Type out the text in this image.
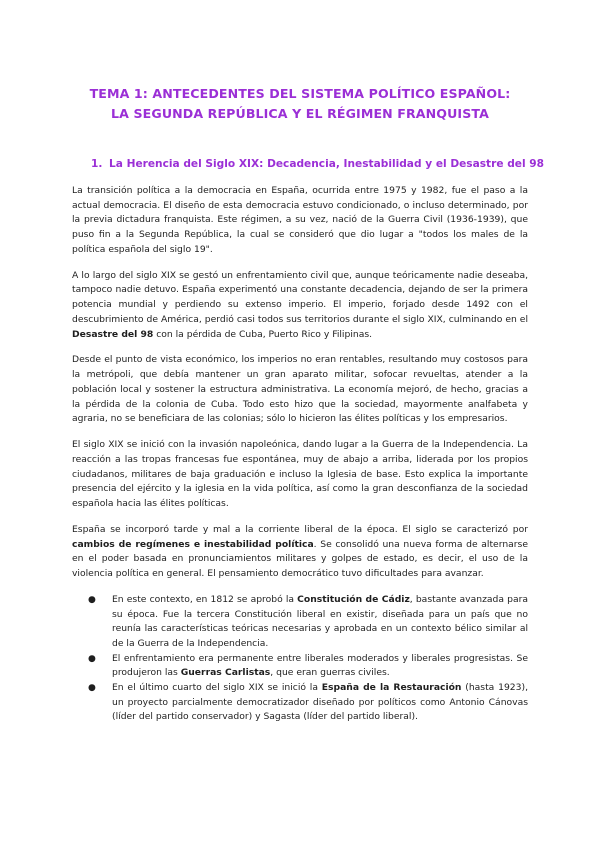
TEMA 1: ANTECEDENTES DEL SISTEMA POLÍTICO ESPAÑOL:
LA SEGUNDA REPÚBLICA Y EL RÉGIMEN FRANQUISTA
1. La Herencia del Siglo XIX: Decadencia, Inestabilidad y el Desastre del 98

La transición política a la democracia en España, ocurrida entre 1975 y 1982, fue el paso a la actual democracia. El diseño de esta democracia estuvo condicionado, o incluso determinado, por la previa dictadura franquista. Este régimen, a su vez, nació de la Guerra Civil (1936-1939), que puso fin a la Segunda República, la cual se consideró que dio lugar a "todos los males de la política española del siglo 19".

A lo largo del siglo XIX se gestó un enfrentamiento civil que, aunque teóricamente nadie deseaba, tampoco nadie detuvo. España experimentó una constante decadencia, dejando de ser la primera potencia mundial y perdiendo su extenso imperio. El imperio, forjado desde 1492 con el descubrimiento de América, perdió casi todos sus territorios durante el siglo XIX, culminando en el Desastre del 98 con la pérdida de Cuba, Puerto Rico y Filipinas.

Desde el punto de vista económico, los imperios no eran rentables, resultando muy costosos para la metrópoli, que debía mantener un gran aparato militar, sofocar revueltas, atender a la población local y sostener la estructura administrativa. La economía mejoró, de hecho, gracias a la pérdida de la colonia de Cuba. Todo esto hizo que la sociedad, mayormente analfabeta y agraria, no se beneficiara de las colonias; sólo lo hicieron las élites políticas y los empresarios.

El siglo XIX se inició con la invasión napoleónica, dando lugar a la Guerra de la Independencia. La reacción a las tropas francesas fue espontánea, muy de abajo a arriba, liderada por los propios ciudadanos, militares de baja graduación e incluso la Iglesia de base. Esto explica la importante presencia del ejército y la iglesia en la vida política, así como la gran desconfianza de la sociedad española hacia las élites políticas.

España se incorporó tarde y mal a la corriente liberal de la época. El siglo se caracterizó por cambios de regímenes e inestabilidad política. Se consolidó una nueva forma de alternarse en el poder basada en pronunciamientos militares y golpes de estado, es decir, el uso de la violencia política en general. El pensamiento democrático tuvo dificultades para avanzar.

● En este contexto, en 1812 se aprobó la Constitución de Cádiz, bastante avanzada para su época. Fue la tercera Constitución liberal en existir, diseñada para un país que no reunía las características teóricas necesarias y aprobada en un contexto bélico similar al de la Guerra de la Independencia.
● El enfrentamiento era permanente entre liberales moderados y liberales progresistas. Se produjeron las Guerras Carlistas, que eran guerras civiles.
● En el último cuarto del siglo XIX se inició la España de la Restauración (hasta 1923), un proyecto parcialmente democratizador diseñado por políticos como Antonio Cánovas (líder del partido conservador) y Sagasta (líder del partido liberal).
